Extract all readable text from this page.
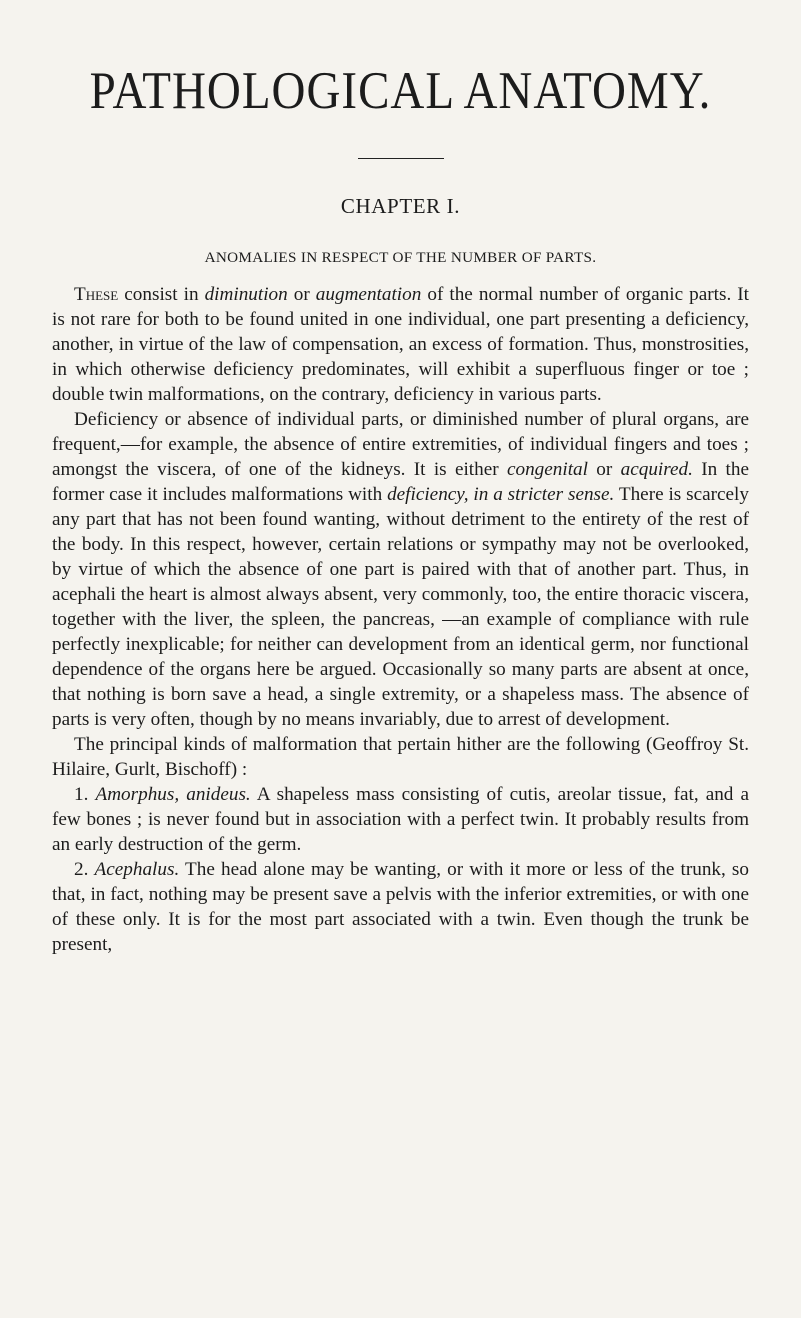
PATHOLOGICAL ANATOMY.
CHAPTER I.
ANOMALIES IN RESPECT OF THE NUMBER OF PARTS.

These consist in diminution or augmentation of the normal number of organic parts. It is not rare for both to be found united in one individual, one part presenting a deficiency, another, in virtue of the law of compensation, an excess of formation. Thus, monstrosities, in which otherwise deficiency predominates, will exhibit a superfluous finger or toe ; double twin malformations, on the contrary, deficiency in various parts.

Deficiency or absence of individual parts, or diminished number of plural organs, are frequent,—for example, the absence of entire extremities, of individual fingers and toes ; amongst the viscera, of one of the kidneys. It is either congenital or acquired. In the former case it includes malformations with deficiency, in a stricter sense. There is scarcely any part that has not been found wanting, without detriment to the entirety of the rest of the body. In this respect, however, certain relations or sympathy may not be overlooked, by virtue of which the absence of one part is paired with that of another part. Thus, in acephali the heart is almost always absent, very commonly, too, the entire thoracic viscera, together with the liver, the spleen, the pancreas, —an example of compliance with rule perfectly inexplicable; for neither can development from an identical germ, nor functional dependence of the organs here be argued. Occasionally so many parts are absent at once, that nothing is born save a head, a single extremity, or a shapeless mass. The absence of parts is very often, though by no means invariably, due to arrest of development.

The principal kinds of malformation that pertain hither are the following (Geoffroy St. Hilaire, Gurlt, Bischoff) :

1. Amorphus, anideus. A shapeless mass consisting of cutis, areolar tissue, fat, and a few bones ; is never found but in association with a perfect twin. It probably results from an early destruction of the germ.

2. Acephalus. The head alone may be wanting, or with it more or less of the trunk, so that, in fact, nothing may be present save a pelvis with the inferior extremities, or with one of these only. It is for the most part associated with a twin. Even though the trunk be present,
